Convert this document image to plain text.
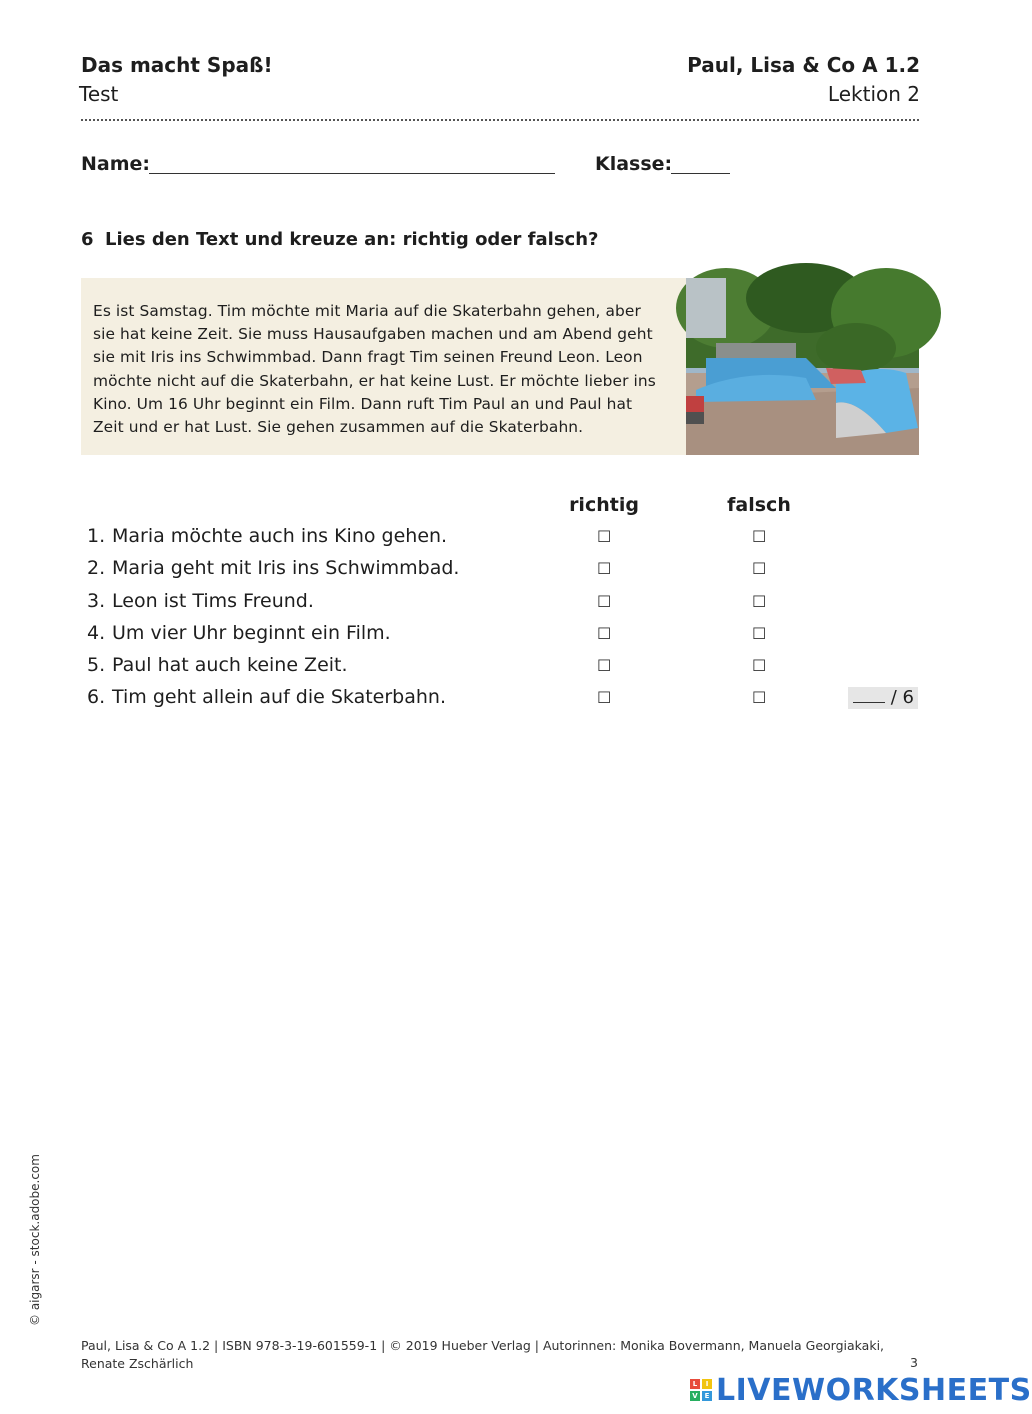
Das macht Spaß!
Test
Paul, Lisa & Co A 1.2
Lektion 2
Name:	Klasse:
6 Lies den Text und kreuze an: richtig oder falsch?

Es ist Samstag. Tim möchte mit Maria auf die Skaterbahn gehen, aber

sie hat keine Zeit. Sie muss Hausaufgaben machen und am Abend geht

sie mit Iris ins Schwimmbad. Dann fragt Tim seinen Freund Leon. Leon

möchte nicht auf die Skaterbahn, er hat keine Lust. Er möchte lieber ins

Kino. Um 16 Uhr beginnt ein Film. Dann ruft Tim Paul an und Paul hat

Zeit und er hat Lust. Sie gehen zusammen auf die Skaterbahn.

richtig	falsch
1. Maria möchte auch ins Kino gehen.	☐	☐
2. Maria geht mit Iris ins Schwimmbad.	☐	☐
3. Leon ist Tims Freund.	☐	☐
4. Um vier Uhr beginnt ein Film.	☐	☐
5. Paul hat auch keine Zeit.	☐	☐
6. Tim geht allein auf die Skaterbahn.	☐	☐	/ 6
© aigarsr - stock.adobe.com
Paul, Lisa & Co A 1.2 | ISBN 978-3-19-601559-1 | © 2019 Hueber Verlag | Autorinnen: Monika Bovermann, Manuela Georgiakaki,
Renate Zschärlich	3
L	I
V E LIVEWORKSHEETS
